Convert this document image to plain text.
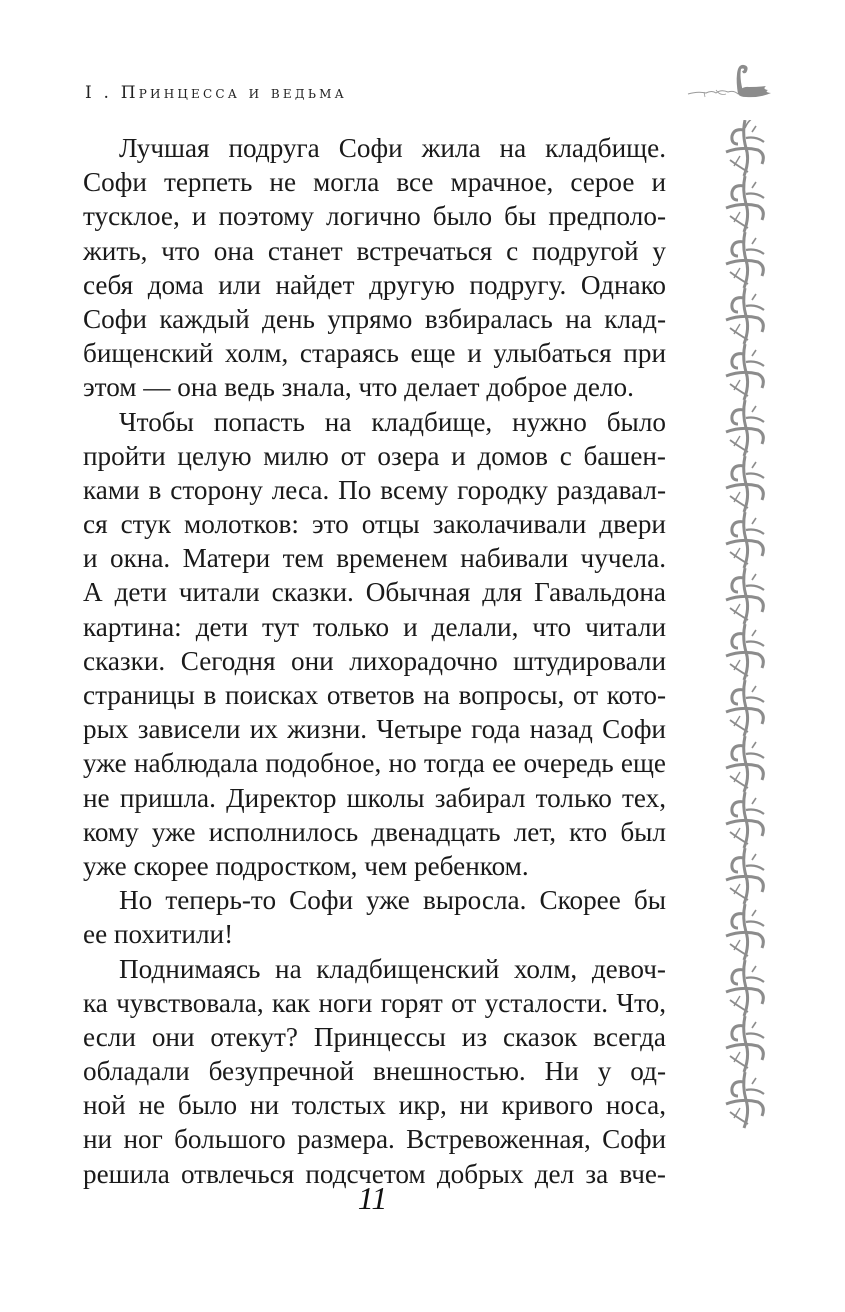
I . Принцесса и ведьма
Лучшая подруга Софи жила на кладбище.
Софи терпеть не могла все мрачное, серое и
тусклое, и поэтому логично было бы предполо-
жить, что она станет встречаться с подругой у
себя дома или найдет другую подругу. Однако
Софи каждый день упрямо взбиралась на клад-
бищенский холм, стараясь еще и улыбаться при
этом — она ведь знала, что делает доброе дело.
Чтобы попасть на кладбище, нужно было
пройти целую милю от озера и домов с башен-
ками в сторону леса. По всему городку раздавал-
ся стук молотков: это отцы заколачивали двери
и окна. Матери тем временем набивали чучела.
А дети читали сказки. Обычная для Гавальдона
картина: дети тут только и делали, что читали
сказки. Сегодня они лихорадочно штудировали
страницы в поисках ответов на вопросы, от кото-
рых зависели их жизни. Четыре года назад Софи
уже наблюдала подобное, но тогда ее очередь еще
не пришла. Директор школы забирал только тех,
кому уже исполнилось двенадцать лет, кто был
уже скорее подростком, чем ребенком.
Но теперь-то Софи уже выросла. Скорее бы
ее похитили!
Поднимаясь на кладбищенский холм, девоч-
ка чувствовала, как ноги горят от усталости. Что,
если они отекут? Принцессы из сказок всегда
обладали безупречной внешностью. Ни у од-
ной не было ни толстых икр, ни кривого носа,
ни ног большого размера. Встревоженная, Софи
решила отвлечься подсчетом добрых дел за вче-
11
